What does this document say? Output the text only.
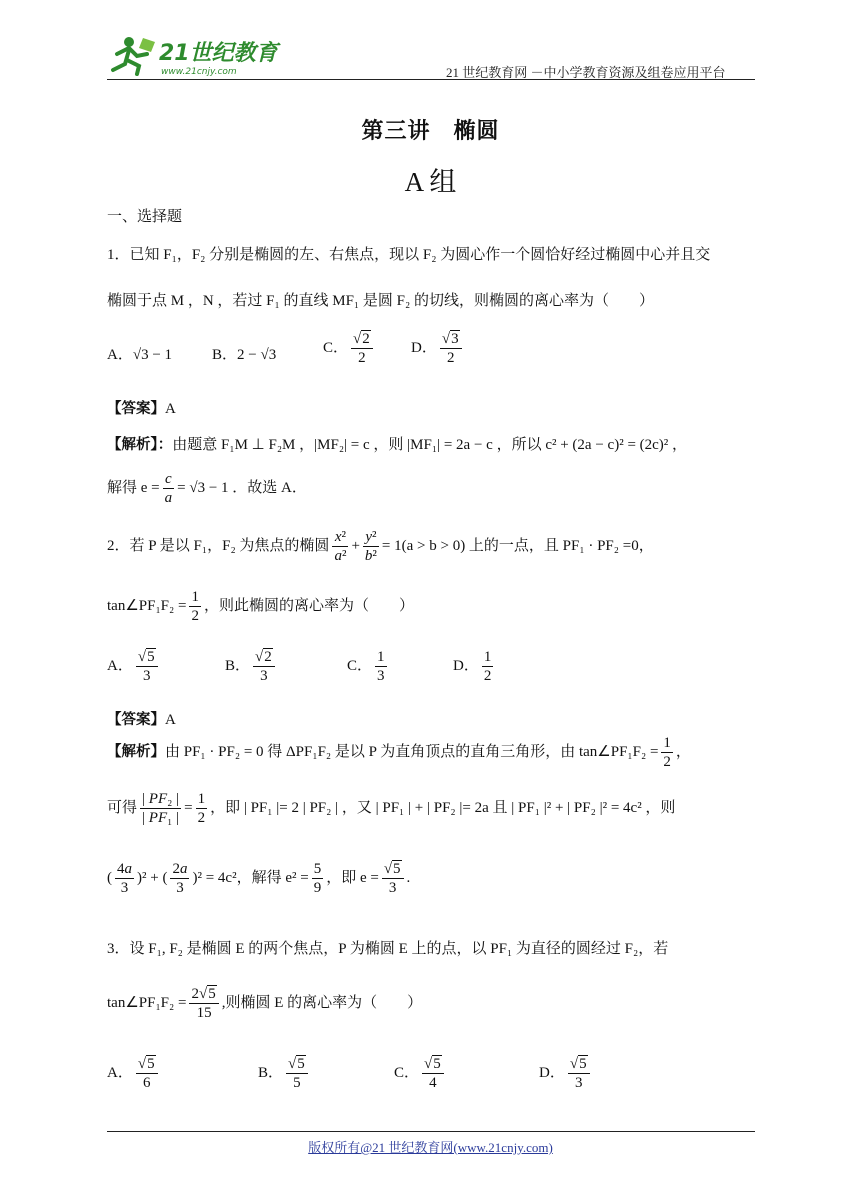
21世纪教育
www.21cnjy.com	21 世纪教育网 －中小学教育资源及组卷应用平台
第三讲　椭圆
A 组
一、选择题
1．已知 F₁，F₂ 分别是椭圆的左、右焦点，现以 F₂ 为圆心作一个圆恰好经过椭圆中心并且交
椭圆于点 M ，N ，若过 F₁ 的直线 MF₁ 是圆 F₂ 的切线，则椭圆的离心率为（　　）
A．√3 − 1	B．2 − √3	C． $\frac{√2}{2}$	D． $\frac{√3}{2}$
【答案】A
【解析】：由题意 F₁M ⊥ F₂M ，|MF₂| = c ，则 |MF₁| = 2a − c ，所以 c² + (2a − c)² = (2c)² ，
解得 $e = \frac{c}{a} = √3 - 1$ ．故选 A．
2．若 P 是以 F₁，F₂ 为焦点的椭圆 $\frac{\text{x²}}{\text{a²}} + \frac{\text{y²}}{\text{b²}} = 1(a > b > 0)$ 上的一点，且 PF₁ · PF₂ =0，
tan∠PF₁F₂ = $\frac{1}{2}$ ，则此椭圆的离心率为（　　）
A． $\frac{√5}{3}$	B． $\frac{√2}{3}$	C． $\frac{1}{3}$	D． $\frac{1}{2}$
【答案】A
【解析】由 PF₁ · PF₂ = 0 得 ΔPF₁F₂ 是以 P 为直角顶点的直角三角形，由 tan∠PF₁F₂ = $\frac{1}{2}$ ，
可得 $\frac{\text{| PF₂ |}}{\text{| PF₁ |}} = \frac{1}{2}$ ，即 | PF₁ |= 2 | PF₂ | ，又 | PF₁ | + | PF₂ |= 2a 且 | PF₁ |² + | PF₂ |² = 4c² ，则
( $\frac{4a}{3} )^2$ + ( $\frac{2a}{3} )^2 = 4c^2$，解得 $e^2 = \frac{5}{9}$ ，即 $e = \frac{√5}{3}$ .
3．设 F₁, F₂ 是椭圆 E 的两个焦点，P 为椭圆 E 上的点，以 PF₁ 为直径的圆经过 F₂，若
tan∠PF₁F₂ = $\frac{2√5}{15}$ ,则椭圆 E 的离心率为（　　）
A． $\frac{√5}{6}$	B． $\frac{√5}{5}$	C． $\frac{√5}{4}$	D． $\frac{√5}{3}$
版权所有@21 世纪教育网(www.21cnjy.com)
